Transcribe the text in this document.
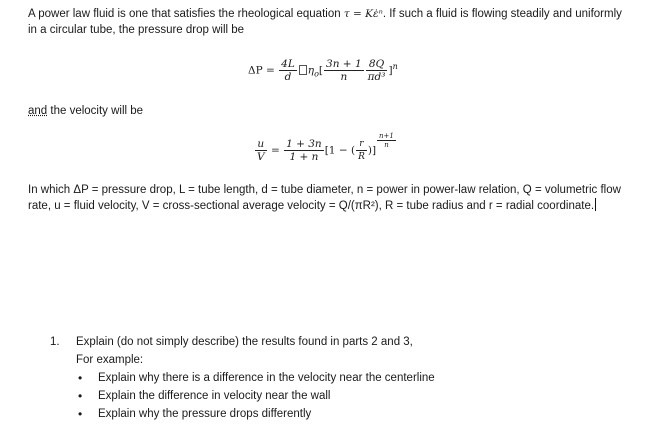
A power law fluid is one that satisfies the rheological equation τ = Kε̇ⁿ. If such a fluid is flowing steadily and uniformly in a circular tube, the pressure drop will be
$\Delta P = \frac{4L}{d} \eta_o[ \frac{3n + 1}{n} \frac{8Q}{\text{πd³}} ]^n$
and the velocity will be
$\frac{u}{V} = \frac{1 + 3n}{1 + n} [1$ − ( $\frac{r}{R}$ )]
$\frac{n+1}{n}$
In which ΔP = pressure drop, L = tube length, d = tube diameter, n = power in power-law relation, Q = volumetric flow rate, u = fluid velocity, V = cross-sectional average velocity = Q/(πR²), R = tube radius and r = radial coordinate.
1. Explain (do not simply describe) the results found in parts 2 and 3,
For example:
• Explain why there is a difference in the velocity near the centerline
• Explain the difference in velocity near the wall
• Explain why the pressure drops differently
